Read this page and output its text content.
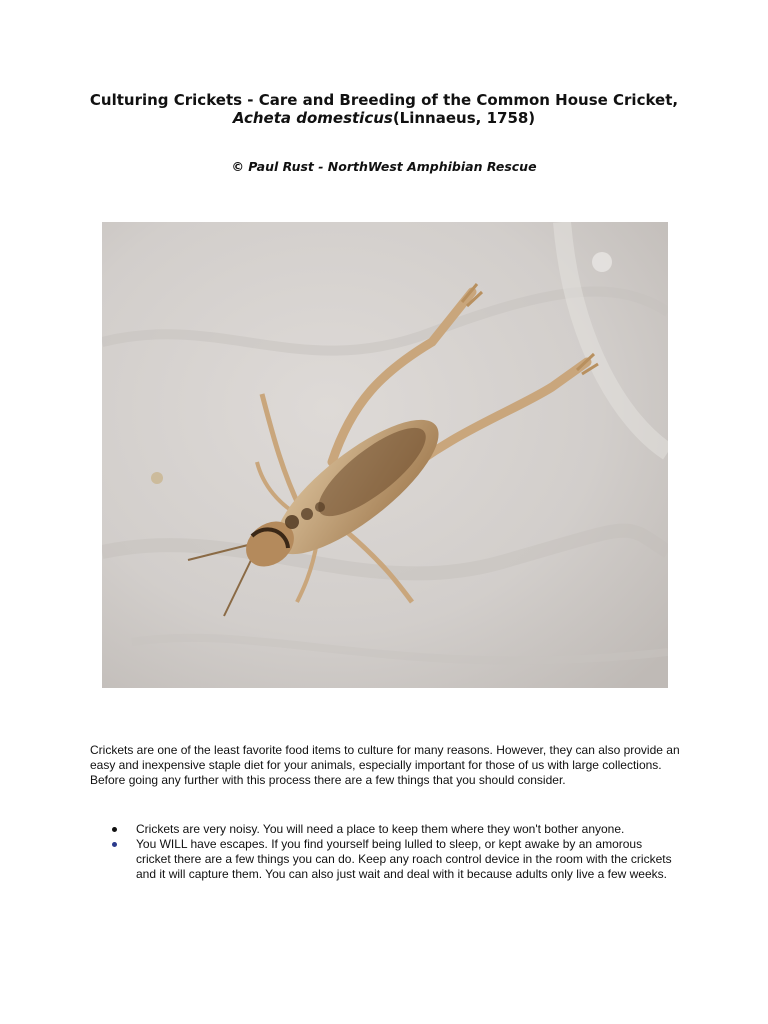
Culturing Crickets - Care and Breeding of the Common House Cricket, Acheta domesticus(Linnaeus, 1758)
© Paul Rust - NorthWest Amphibian Rescue

Crickets are one of the least favorite food items to culture for many reasons. However, they can also provide an easy and inexpensive staple diet for your animals, especially important for those of us with large collections. Before going any further with this process there are a few things that you should consider.

Crickets are very noisy. You will need a place to keep them where they won't bother anyone.
You WILL have escapes. If you find yourself being lulled to sleep, or kept awake by an amorous cricket there are a few things you can do. Keep any roach control device in the room with the crickets and it will capture them. You can also just wait and deal with it because adults only live a few weeks.
